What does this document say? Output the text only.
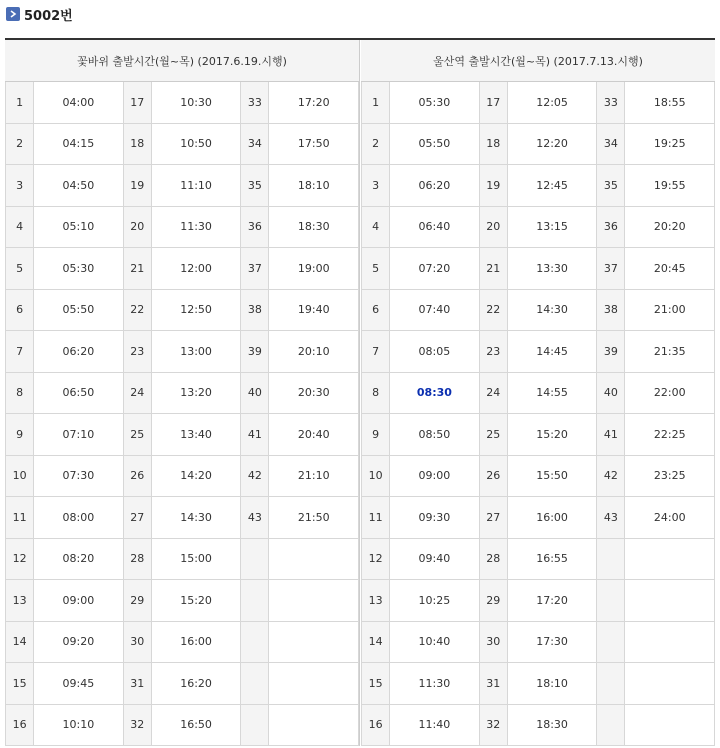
5002번
꽃바위 출발시간(월~목) (2017.6.19.시행)
1	04:00	17	10:30	33	17:20
2	04:15	18	10:50	34	17:50
3	04:50	19	11:10	35	18:10
4	05:10	20	11:30	36	18:30
5	05:30	21	12:00	37	19:00
6	05:50	22	12:50	38	19:40
7	06:20	23	13:00	39	20:10
8	06:50	24	13:20	40	20:30
9	07:10	25	13:40	41	20:40
10	07:30	26	14:20	42	21:10
11	08:00	27	14:30	43	21:50
12	08:20	28	15:00		
13	09:00	29	15:20		
14	09:20	30	16:00		
15	09:45	31	16:20		
16	10:10	32	16:50		
울산역 출발시간(월~목) (2017.7.13.시행)
1	05:30	17	12:05	33	18:55
2	05:50	18	12:20	34	19:25
3	06:20	19	12:45	35	19:55
4	06:40	20	13:15	36	20:20
5	07:20	21	13:30	37	20:45
6	07:40	22	14:30	38	21:00
7	08:05	23	14:45	39	21:35
8	08:30	24	14:55	40	22:00
9	08:50	25	15:20	41	22:25
10	09:00	26	15:50	42	23:25
11	09:30	27	16:00	43	24:00
12	09:40	28	16:55		
13	10:25	29	17:20		
14	10:40	30	17:30		
15	11:30	31	18:10		
16	11:40	32	18:30		
